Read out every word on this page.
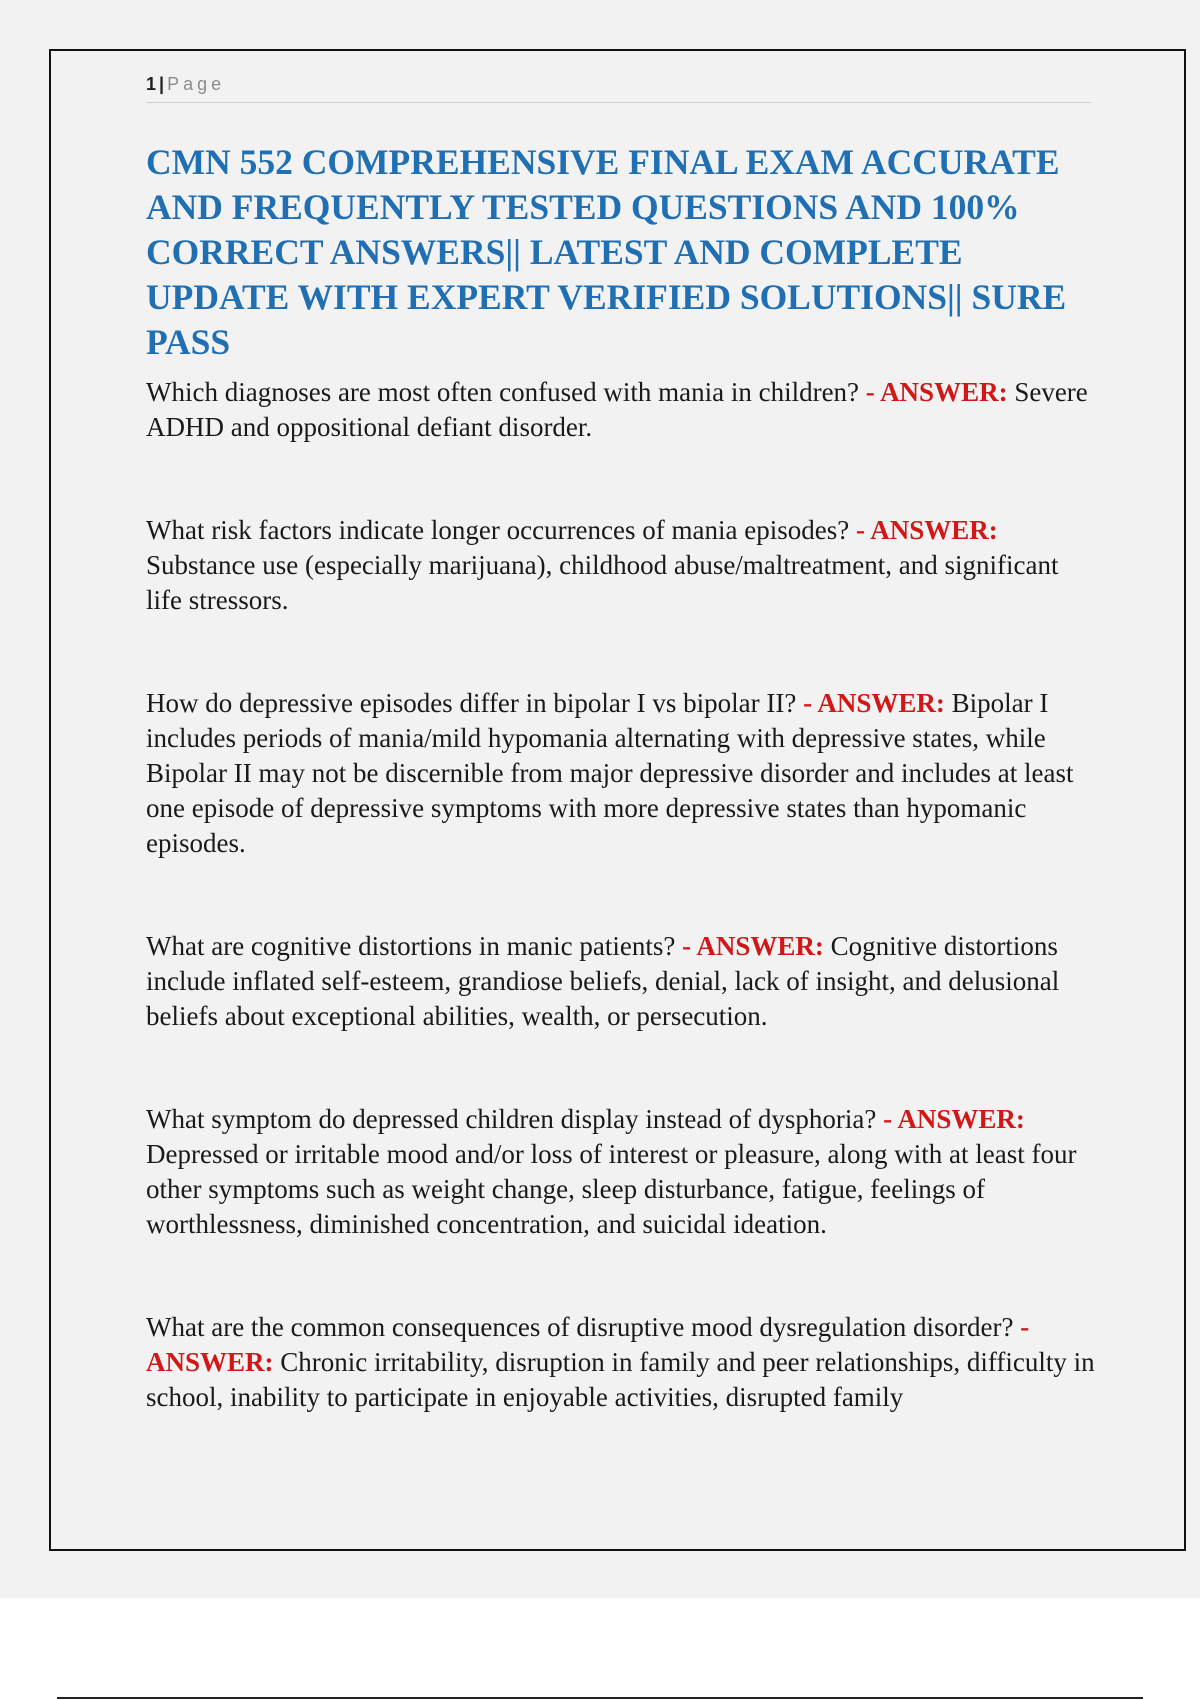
1 | Page
CMN 552 COMPREHENSIVE FINAL EXAM ACCURATE AND FREQUENTLY TESTED QUESTIONS AND 100% CORRECT ANSWERS|| LATEST AND COMPLETE UPDATE WITH EXPERT VERIFIED SOLUTIONS|| SURE PASS

Which diagnoses are most often confused with mania in children? - ANSWER: Severe ADHD and oppositional defiant disorder.

What risk factors indicate longer occurrences of mania episodes? - ANSWER: Substance use (especially marijuana), childhood abuse/maltreatment, and significant life stressors.

How do depressive episodes differ in bipolar I vs bipolar II? - ANSWER: Bipolar I includes periods of mania/mild hypomania alternating with depressive states, while Bipolar II may not be discernible from major depressive disorder and includes at least one episode of depressive symptoms with more depressive states than hypomanic episodes.

What are cognitive distortions in manic patients? - ANSWER: Cognitive distortions include inflated self-esteem, grandiose beliefs, denial, lack of insight, and delusional beliefs about exceptional abilities, wealth, or persecution.

What symptom do depressed children display instead of dysphoria? - ANSWER: Depressed or irritable mood and/or loss of interest or pleasure, along with at least four other symptoms such as weight change, sleep disturbance, fatigue, feelings of worthlessness, diminished concentration, and suicidal ideation.

What are the common consequences of disruptive mood dysregulation disorder? - ANSWER: Chronic irritability, disruption in family and peer relationships, difficulty in school, inability to participate in enjoyable activities, disrupted family
